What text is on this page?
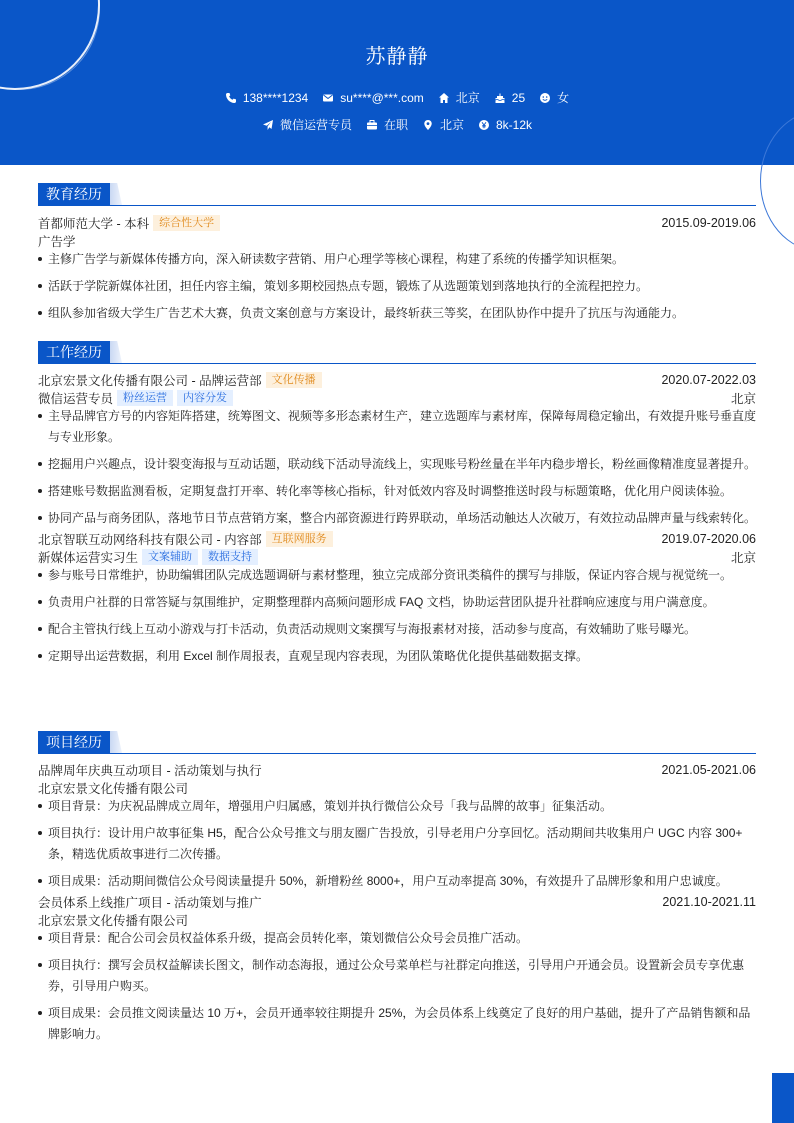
苏静静
138****1234	su****@***.com	北京	25	女
微信运营专员	在职	北京	8k-12k
教育经历
首都师范大学 - 本科 综合性大学	2015.09-2019.06
广告学
主修广告学与新媒体传播方向，深入研读数字营销、用户心理学等核心课程，构建了系统的传播学知识框架。
活跃于学院新媒体社团，担任内容主编，策划多期校园热点专题，锻炼了从选题策划到落地执行的全流程把控力。
组队参加省级大学生广告艺术大赛，负责文案创意与方案设计，最终斩获三等奖，在团队协作中提升了抗压与沟通能力。
工作经历
北京宏景文化传播有限公司 - 品牌运营部 文化传播	2020.07-2022.03
微信运营专员 粉丝运营	内容分发	北京
主导品牌官方号的内容矩阵搭建，统筹图文、视频等多形态素材生产，建立选题库与素材库，保障每周稳定输出，有效提升账号垂直度与专业形象。
挖掘用户兴趣点，设计裂变海报与互动话题，联动线下活动导流线上，实现账号粉丝量在半年内稳步增长，粉丝画像精准度显著提升。
搭建账号数据监测看板，定期复盘打开率、转化率等核心指标，针对低效内容及时调整推送时段与标题策略，优化用户阅读体验。
协同产品与商务团队，落地节日节点营销方案，整合内部资源进行跨界联动，单场活动触达人次破万，有效拉动品牌声量与线索转化。
北京智联互动网络科技有限公司 - 内容部 互联网服务	2019.07-2020.06
新媒体运营实习生 文案辅助	数据支持	北京
参与账号日常维护，协助编辑团队完成选题调研与素材整理，独立完成部分资讯类稿件的撰写与排版，保证内容合规与视觉统一。
负责用户社群的日常答疑与氛围维护，定期整理群内高频问题形成 FAQ 文档，协助运营团队提升社群响应速度与用户满意度。
配合主管执行线上互动小游戏与打卡活动，负责活动规则文案撰写与海报素材对接，活动参与度高，有效辅助了账号曝光。
定期导出运营数据，利用 Excel 制作周报表，直观呈现内容表现，为团队策略优化提供基础数据支撑。
项目经历
品牌周年庆典互动项目 - 活动策划与执行	2021.05-2021.06
北京宏景文化传播有限公司
项目背景：为庆祝品牌成立周年，增强用户归属感，策划并执行微信公众号「我与品牌的故事」征集活动。
项目执行：设计用户故事征集 H5，配合公众号推文与朋友圈广告投放，引导老用户分享回忆。活动期间共收集用户 UGC 内容 300+ 条，精选优质故事进行二次传播。
项目成果：活动期间微信公众号阅读量提升 50%，新增粉丝 8000+，用户互动率提高 30%，有效提升了品牌形象和用户忠诚度。
会员体系上线推广项目 - 活动策划与推广	2021.10-2021.11
北京宏景文化传播有限公司
项目背景：配合公司会员权益体系升级，提高会员转化率，策划微信公众号会员推广活动。
项目执行：撰写会员权益解读长图文，制作动态海报，通过公众号菜单栏与社群定向推送，引导用户开通会员。设置新会员专享优惠券，引导用户购买。
项目成果：会员推文阅读量达 10 万+，会员开通率较往期提升 25%，为会员体系上线奠定了良好的用户基础，提升了产品销售额和品牌影响力。
